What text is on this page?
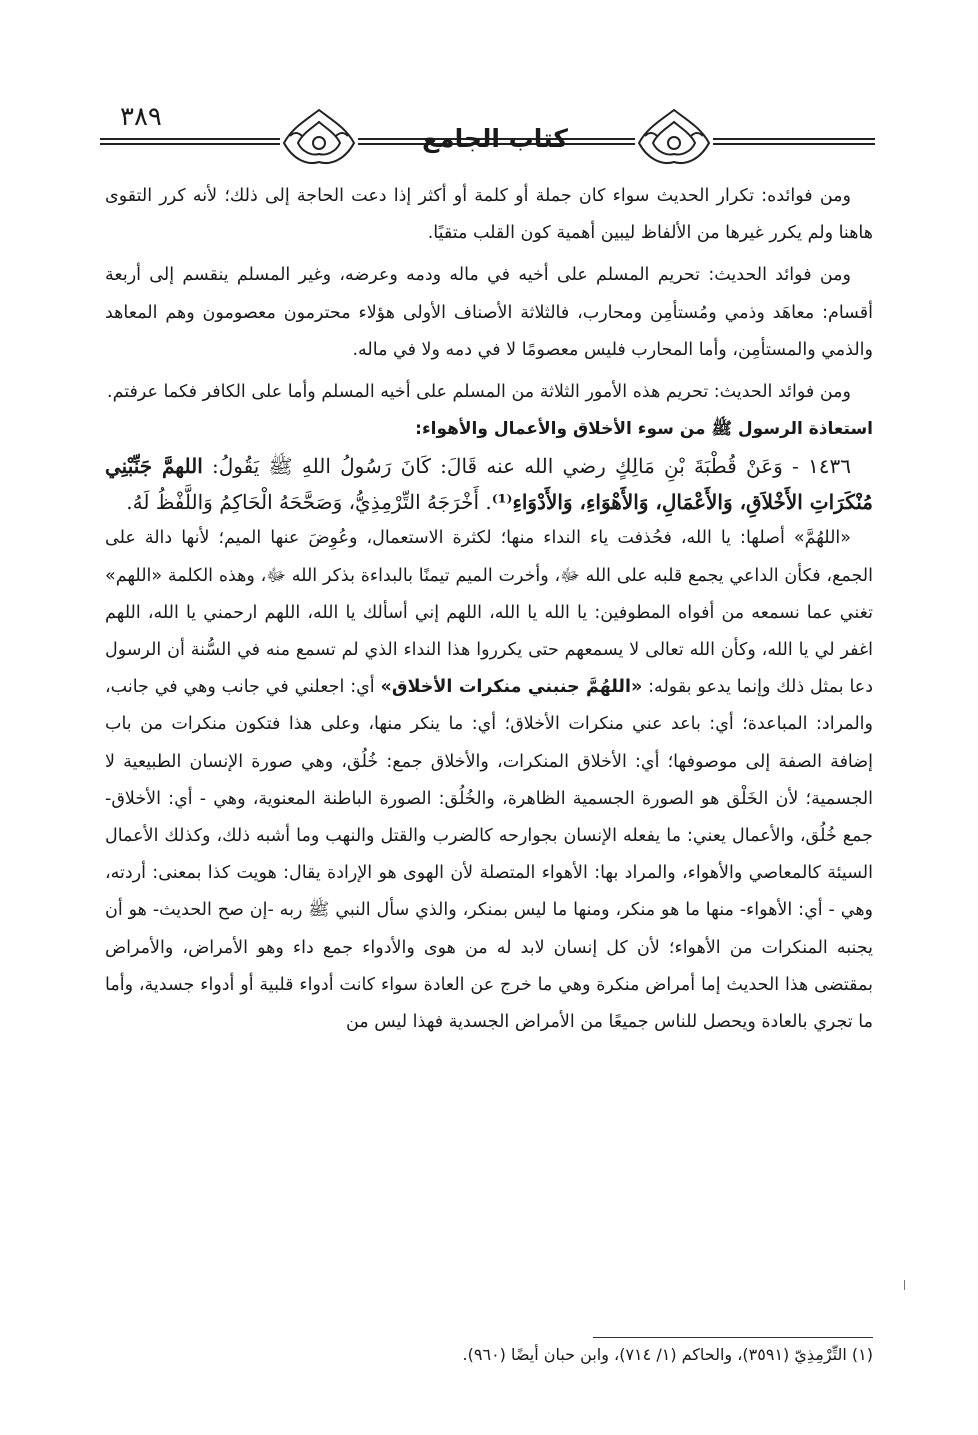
٣٨٩
كتاب الجامع

ومن فوائده: تكرار الحديث سواء كان جملة أو كلمة أو أكثر إذا دعت الحاجة إلى ذلك؛ لأنه كرر التقوى هاهنا ولم يكرر غيرها من الألفاظ ليبين أهمية كون القلب متقيًا.

ومن فوائد الحديث: تحريم المسلم على أخيه في ماله ودمه وعرضه، وغير المسلم ينقسم إلى أربعة أقسام: معاهَد وذمي ومُستأمِن ومحارب، فالثلاثة الأصناف الأولى هؤلاء محترمون معصومون وهم المعاهد والذمي والمستأمِن، وأما المحارب فليس معصومًا لا في دمه ولا في ماله.

ومن فوائد الحديث: تحريم هذه الأمور الثلاثة من المسلم على أخيه المسلم وأما على الكافر فكما عرفتم.

استعاذة الرسول ﷺ من سوء الأخلاق والأعمال والأهواء:

١٤٣٦ - وَعَنْ قُطْبَةَ بْنِ مَالِكٍ رضي الله عنه قَالَ: كَانَ رَسُولُ اللهِ ﷺ يَقُولُ: اللهمَّ جَنِّبْنِي مُنْكَرَاتِ الأَخْلاَقِ، وَالأَعْمَالِ، وَالأَهْوَاءِ، وَالأَدْوَاءِ⁽¹⁾. أَخْرَجَهُ التِّرْمِذِيُّ، وَصَحَّحَهُ الْحَاكِمُ وَاللَّفْظُ لَهُ.

«اللهُمَّ» أصلها: يا الله، فحُذفت ياء النداء منها؛ لكثرة الاستعمال، وعُوِضَ عنها الميم؛ لأنها دالة على الجمع، فكأن الداعي يجمع قلبه على الله ﷻ، وأخرت الميم تيمنًا بالبداءة بذكر الله ﷻ، وهذه الكلمة «اللهم» تغني عما نسمعه من أفواه المطوفين: يا الله يا الله، اللهم إني أسألك يا الله، اللهم ارحمني يا الله، اللهم اغفر لي يا الله، وكأن الله تعالى لا يسمعهم حتى يكرروا هذا النداء الذي لم تسمع منه في السُّنة أن الرسول دعا بمثل ذلك وإنما يدعو بقوله: «اللهُمَّ جنبني منكرات الأخلاق» أي: اجعلني في جانب وهي في جانب، والمراد: المباعدة؛ أي: باعد عني منكرات الأخلاق؛ أي: ما ينكر منها، وعلى هذا فتكون منكرات من باب إضافة الصفة إلى موصوفها؛ أي: الأخلاق المنكرات، والأخلاق جمع: خُلُق، وهي صورة الإنسان الطبيعية لا الجسمية؛ لأن الخَلْق هو الصورة الجسمية الظاهرة، والخُلُق: الصورة الباطنة المعنوية، وهي - أي: الأخلاق- جمع خُلُق، والأعمال يعني: ما يفعله الإنسان بجوارحه كالضرب والقتل والنهب وما أشبه ذلك، وكذلك الأعمال السيئة كالمعاصي والأهواء، والمراد بها: الأهواء المتصلة لأن الهوى هو الإرادة يقال: هويت كذا بمعنى: أردته، وهي - أي: الأهواء- منها ما هو منكر، ومنها ما ليس بمنكر، والذي سأل النبي ﷺ ربه -إن صح الحديث- هو أن يجنبه المنكرات من الأهواء؛ لأن كل إنسان لابد له من هوى والأدواء جمع داء وهو الأمراض، والأمراض بمقتضى هذا الحديث إما أمراض منكرة وهي ما خرج عن العادة سواء كانت أدواء قلبية أو أدواء جسدية، وأما ما تجري بالعادة ويحصل للناس جميعًا من الأمراض الجسدية فهذا ليس من

(١) التِّرْمِذِيّ (٣٥٩١)، والحاكم (١/ ٧١٤)، وابن حبان أيضًا (٩٦٠).
